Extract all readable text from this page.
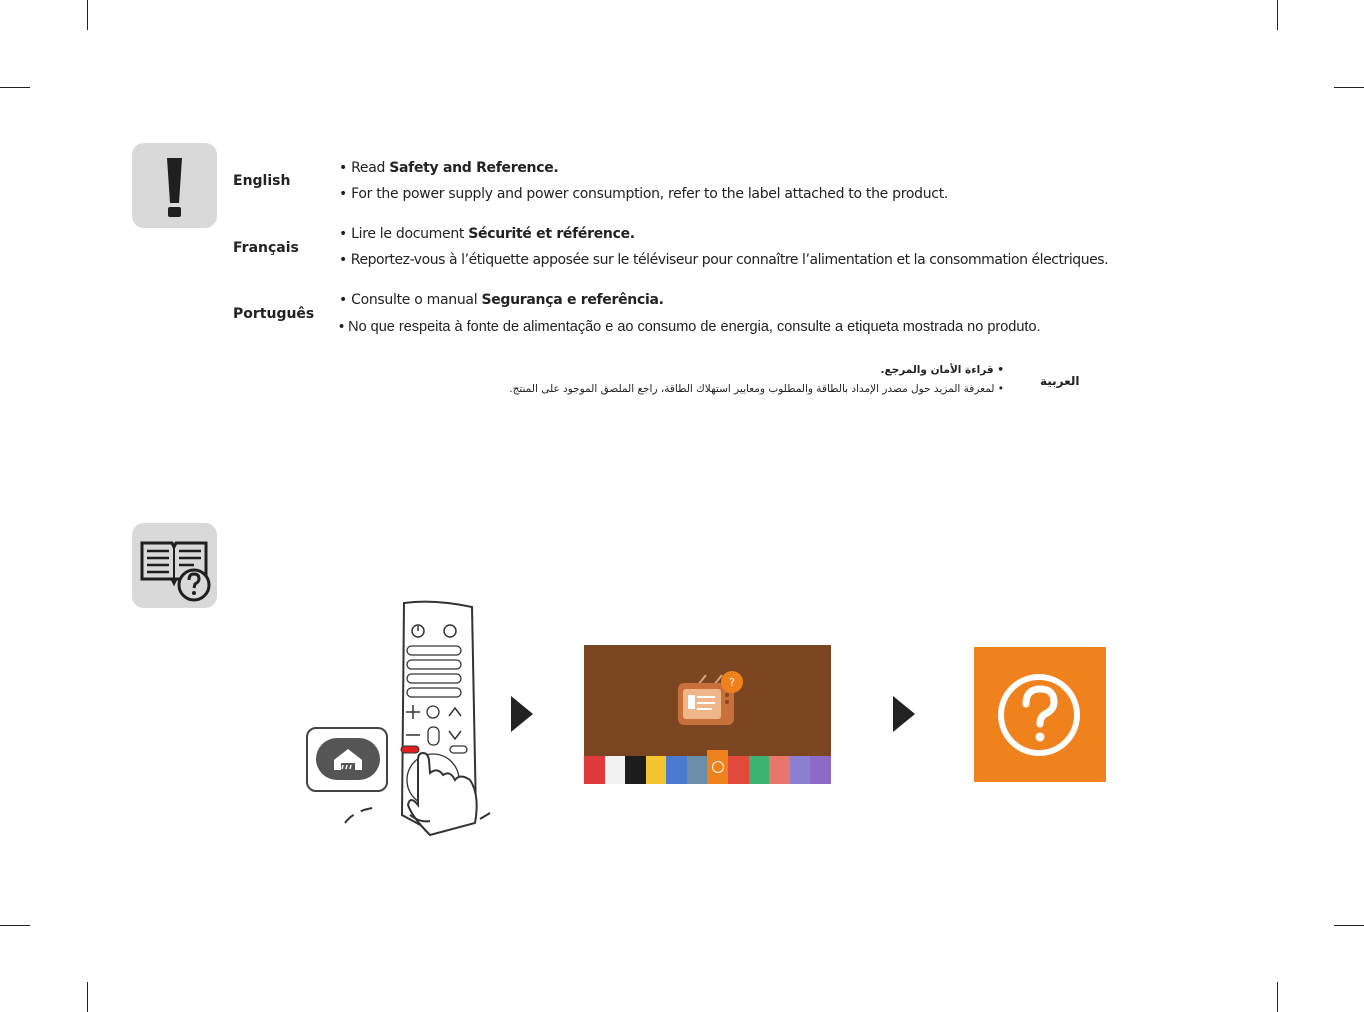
English
• Read Safety and Reference.
• For the power supply and power consumption, refer to the label attached to the product.
Français
• Lire le document Sécurité et référence.
• Reportez-vous à l’étiquette apposée sur le téléviseur pour connaître l’alimentation et la consommation électriques.
Português
• Consulte o manual Segurança e referência.
• No que respeita à fonte de alimentação e ao consumo de energia, consulte a etiqueta mostrada no produto.
العربية
• قراءة الأمان والمرجع.
• لمعرفة المزيد حول مصدر الإمداد بالطاقة والمطلوب ومعايير استهلاك الطاقة، راجع الملصق الموجود على المنتج.
?
